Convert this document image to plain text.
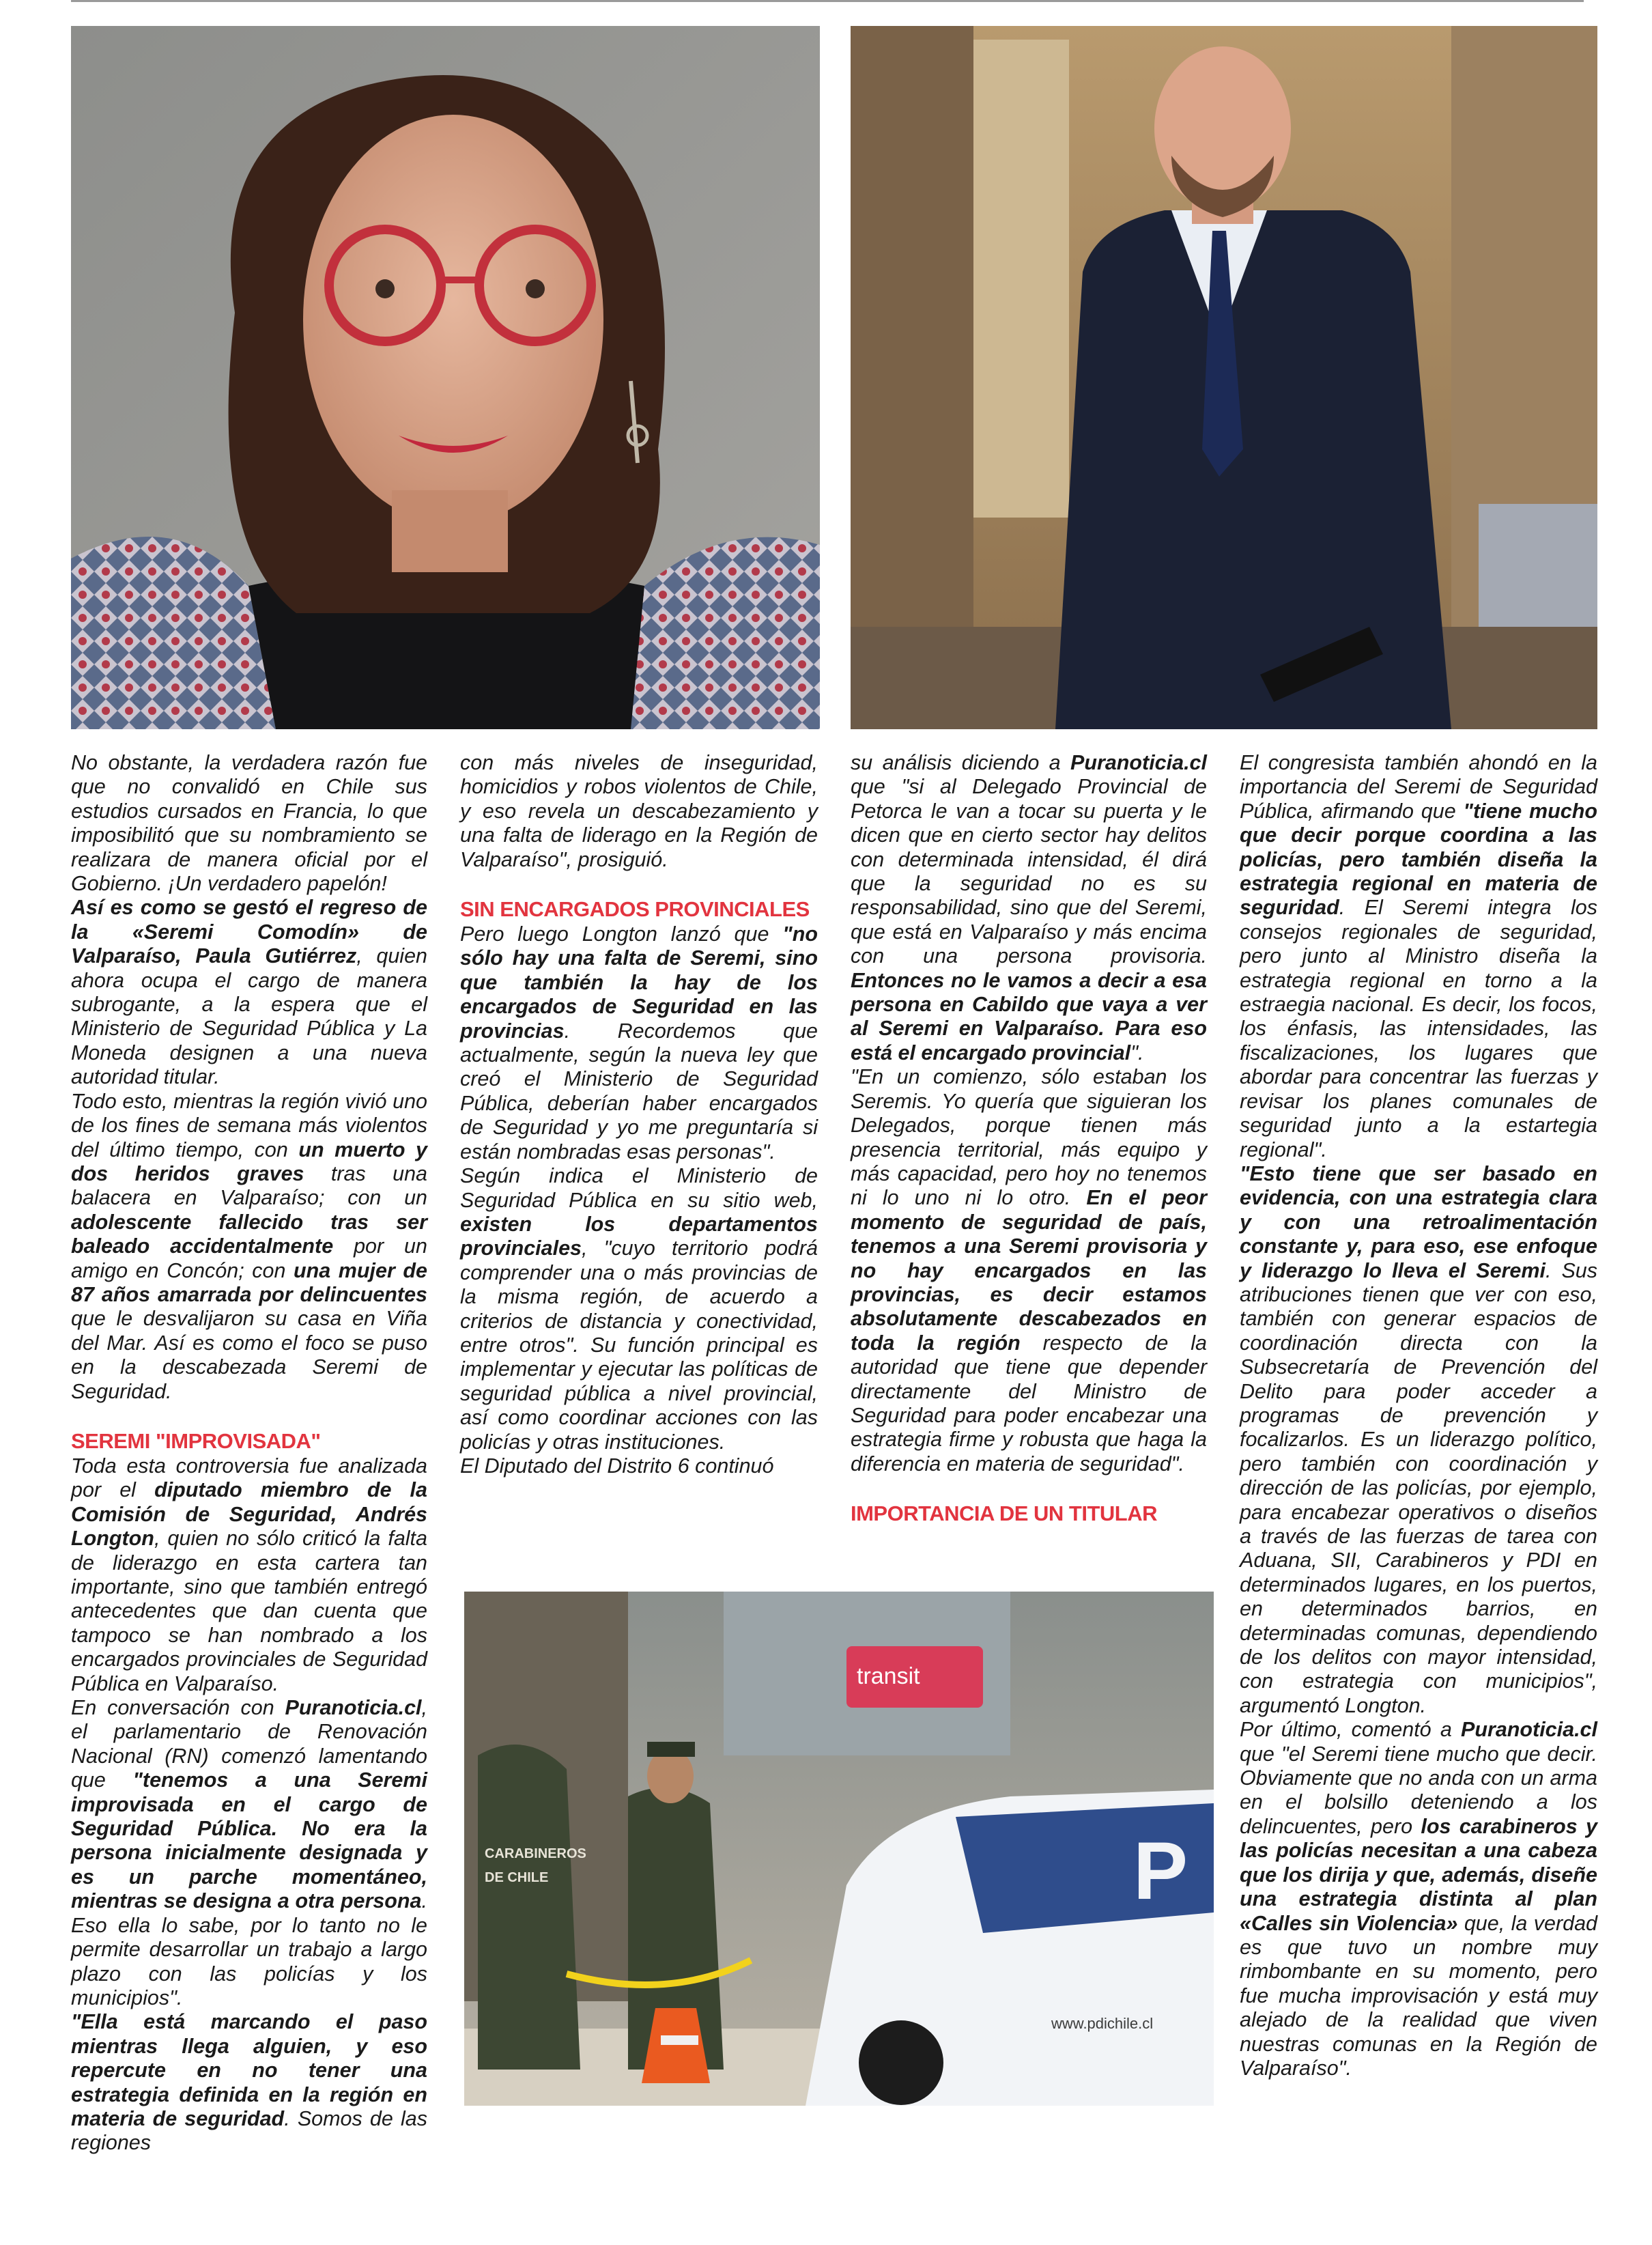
transit
CARABINEROS
DE CHILE	P
www.pdichile.cl

No obstante, la verdadera razón fue que no convalidó en Chile sus estudios cursados en Francia, lo que imposibilitó que su nombramiento se realizara de manera oficial por el Gobierno. ¡Un verdadero papelón!

Así es como se gestó el regreso de la «Seremi Comodín» de Valparaíso, Paula Gutiérrez, quien ahora ocupa el cargo de manera subrogante, a la espera que el Ministerio de Seguridad Pública y La Moneda designen a una nueva autoridad titular.

Todo esto, mientras la región vivió uno de los fines de semana más violentos del último tiempo, con un muerto y dos heridos graves tras una balacera en Valparaíso; con un adolescente fallecido tras ser baleado accidentalmente por un amigo en Concón; con una mujer de 87 años amarrada por delincuentes que le desvalijaron su casa en Viña del Mar. Así es como el foco se puso en la descabezada Seremi de Seguridad.

SEREMI "IMPROVISADA"

Toda esta controversia fue analizada por el diputado miembro de la Comisión de Seguridad, Andrés Longton, quien no sólo criticó la falta de liderazgo en esta cartera tan importante, sino que también entregó antecedentes que dan cuenta que tampoco se han nombrado a los encargados provinciales de Seguridad Pública en Valparaíso.

En conversación con Puranoticia.cl, el parlamentario de Renovación Nacional (RN) comenzó lamentando que "tenemos a una Seremi improvisada en el cargo de Seguridad Pública. No era la persona inicialmente designada y es un parche momentáneo, mientras se designa a otra persona. Eso ella lo sabe, por lo tanto no le permite desarrollar un trabajo a largo plazo con las policías y los municipios".

"Ella está marcando el paso mientras llega alguien, y eso repercute en no tener una estrategia definida en la región en materia de seguridad. Somos de las regiones

con más niveles de inseguridad, homicidios y robos violentos de Chile, y eso revela un descabezamiento y una falta de liderago en la Región de Valparaíso", prosiguió.

SIN ENCARGADOS PROVINCIALES

Pero luego Longton lanzó que "no sólo hay una falta de Seremi, sino que también la hay de los encargados de Seguridad en las provincias. Recordemos que actualmente, según la nueva ley que creó el Ministerio de Seguridad Pública, deberían haber encargados de Seguridad y yo me preguntaría si están nombradas esas personas".

Según indica el Ministerio de Seguridad Pública en su sitio web, existen los departamentos provinciales, "cuyo territorio podrá comprender una o más provincias de la misma región, de acuerdo a criterios de distancia y conectividad, entre otros". Su función principal es implementar y ejecutar las políticas de seguridad pública a nivel provincial, así como coordinar acciones con las policías y otras instituciones.

El Diputado del Distrito 6 continuó

su análisis diciendo a Puranoticia.cl que "si al Delegado Provincial de Petorca le van a tocar su puerta y le dicen que en cierto sector hay delitos con determinada intensidad, él dirá que la seguridad no es su responsabilidad, sino que del Seremi, que está en Valparaíso y más encima con una persona provisoria. Entonces no le vamos a decir a esa persona en Cabildo que vaya a ver al Seremi en Valparaíso. Para eso está el encargado provincial".

"En un comienzo, sólo estaban los Seremis. Yo quería que siguieran los Delegados, porque tienen más presencia territorial, más equipo y más capacidad, pero hoy no tenemos ni lo uno ni lo otro. En el peor momento de seguridad de país, tenemos a una Seremi provisoria y no hay encargados en las provincias, es decir estamos absolutamente descabezados en toda la región respecto de la autoridad que tiene que depender directamente del Ministro de Seguridad para poder encabezar una estrategia firme y robusta que haga la diferencia en materia de seguridad".

IMPORTANCIA DE UN TITULAR

El congresista también ahondó en la importancia del Seremi de Seguridad Pública, afirmando que "tiene mucho que decir porque coordina a las policías, pero también diseña la estrategia regional en materia de seguridad. El Seremi integra los consejos regionales de seguridad, pero junto al Ministro diseña la estrategia regional en torno a la estraegia nacional. Es decir, los focos, los énfasis, las intensidades, las fiscalizaciones, los lugares que abordar para concentrar las fuerzas y revisar los planes comunales de seguridad junto a la estartegia regional".

"Esto tiene que ser basado en evidencia, con una estrategia clara y con una retroalimentación constante y, para eso, ese enfoque y liderazgo lo lleva el Seremi. Sus atribuciones tienen que ver con eso, también con generar espacios de coordinación directa con la Subsecretaría de Prevención del Delito para poder acceder a programas de prevención y focalizarlos. Es un liderazgo político, pero también con coordinación y dirección de las policías, por ejemplo, para encabezar operativos o diseños a través de las fuerzas de tarea con Aduana, SII, Carabineros y PDI en determinados lugares, en los puertos, en determinados barrios, en determinadas comunas, dependiendo de los delitos con mayor intensidad, con estrategia con municipios", argumentó Longton.

Por último, comentó a Puranoticia.cl que "el Seremi tiene mucho que decir. Obviamente que no anda con un arma en el bolsillo deteniendo a los delincuentes, pero los carabineros y las policías necesitan a una cabeza que los dirija y que, además, diseñe una estrategia distinta al plan «Calles sin Violencia» que, la verdad es que tuvo un nombre muy rimbombante en su momento, pero fue mucha improvisación y está muy alejado de la realidad que viven nuestras comunas en la Región de Valparaíso".
